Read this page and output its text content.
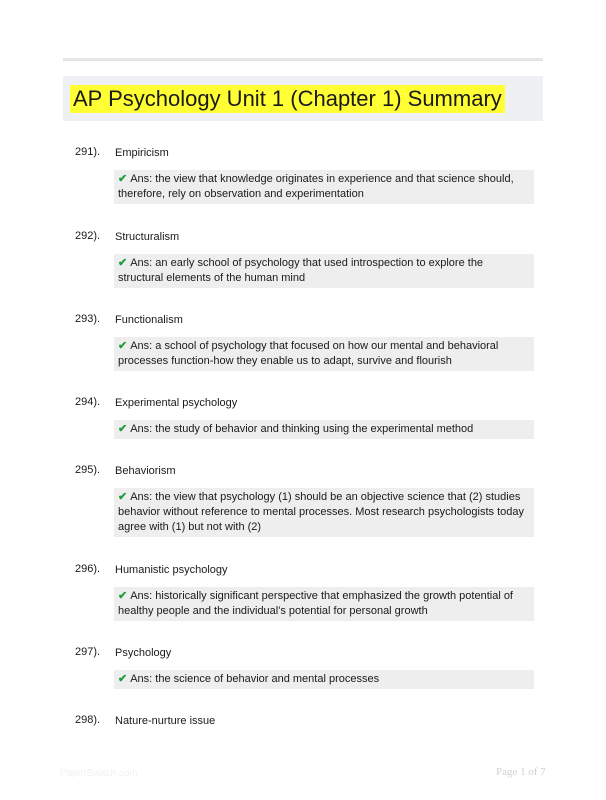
AP Psychology Unit 1 (Chapter 1) Summary
291). Empiricism
✔ Ans: the view that knowledge originates in experience and that science should, therefore, rely on observation and experimentation
292). Structuralism
✔ Ans: an early school of psychology that used introspection to explore the structural elements of the human mind
293). Functionalism
✔ Ans: a school of psychology that focused on how our mental and behavioral processes function-how they enable us to adapt, survive and flourish
294). Experimental psychology
✔ Ans: the study of behavior and thinking using the experimental method
295). Behaviorism
✔ Ans: the view that psychology (1) should be an objective science that (2) studies behavior without reference to mental processes. Most research psychologists today agree with (1) but not with (2)
296). Humanistic psychology
✔ Ans: historically significant perspective that emphasized the growth potential of healthy people and the individual's potential for personal growth
297). Psychology
✔ Ans: the science of behavior and mental processes
298). Nature-nurture issue
PaperSwitch.com	Page 1 of 7
